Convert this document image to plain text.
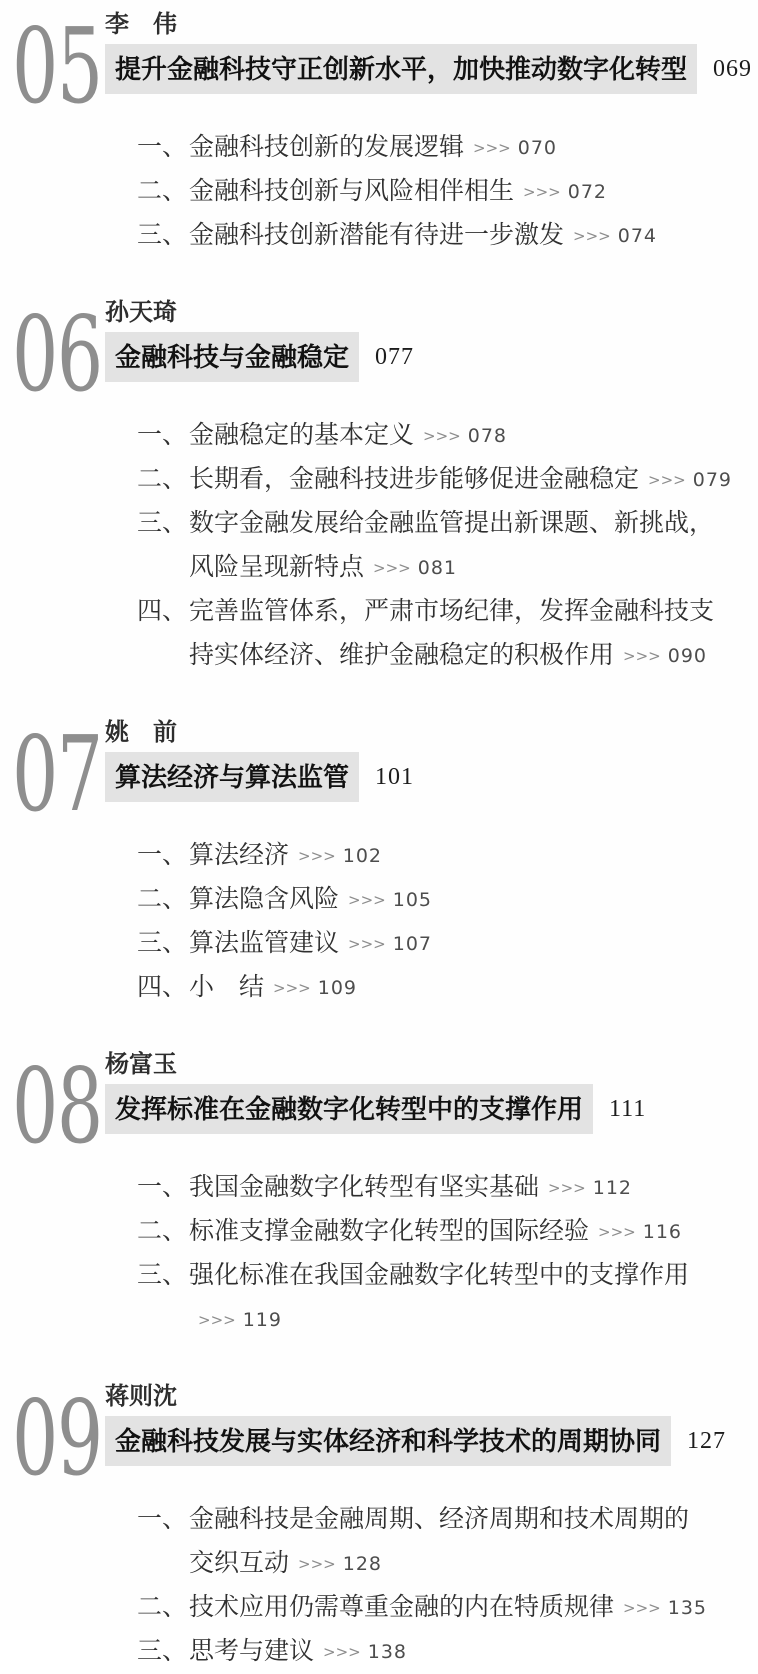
05 李　伟
提升金融科技守正创新水平，加快推动数字化转型	069
一、 金融科技创新的发展逻辑 >>> 070
二、 金融科技创新与风险相伴相生 >>> 072
三、 金融科技创新潜能有待进一步激发 >>> 074
06 孙天琦
金融科技与金融稳定	077
一、 金融稳定的基本定义 >>> 078
二、 长期看，金融科技进步能够促进金融稳定 >>> 079
三、 数字金融发展给金融监管提出新课题、新挑战，
风险呈现新特点 >>> 081
四、 完善监管体系，严肃市场纪律，发挥金融科技支
持实体经济、维护金融稳定的积极作用 >>> 090
07 姚　前
算法经济与算法监管	101
一、 算法经济 >>> 102
二、 算法隐含风险 >>> 105
三、 算法监管建议 >>> 107
四、 小　结 >>> 109
08 杨富玉
发挥标准在金融数字化转型中的支撑作用	111
一、 我国金融数字化转型有坚实基础 >>> 112
二、 标准支撑金融数字化转型的国际经验 >>> 116
三、 强化标准在我国金融数字化转型中的支撑作用>>> 119
09 蒋则沈
金融科技发展与实体经济和科学技术的周期协同	127
一、 金融科技是金融周期、经济周期和技术周期的
交织互动 >>> 128
二、 技术应用仍需尊重金融的内在特质规律 >>> 135
三、 思考与建议 >>> 138
